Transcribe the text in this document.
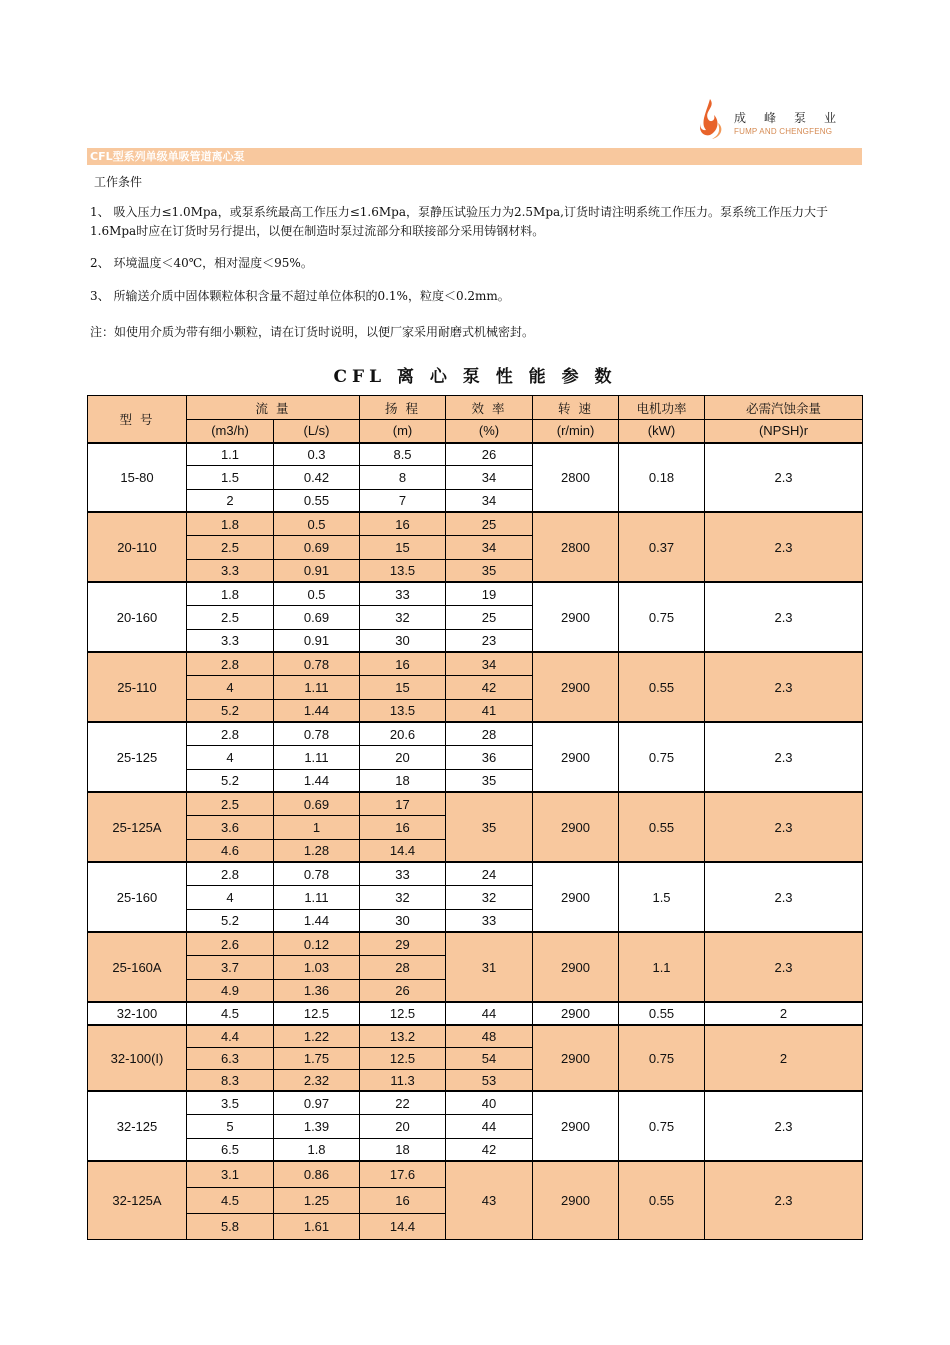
成峰泵业
FUMP AND CHENGFENG
CFL型系列单级单吸管道离心泵
工作条件
1、 吸入压力≤1.0Mpa，或泵系统最高工作压力≤1.6Mpa，泵静压试验压力为2.5Mpa,订货时请注明系统工作压力。泵系统工作压力大于1.6Mpa时应在订货时另行提出，以便在制造时泵过流部分和联接部分采用铸钢材料。
2、 环境温度＜40℃，相对湿度＜95%。
3、 所输送介质中固体颗粒体积含量不超过单位体积的0.1%，粒度＜0.2mm。
注：如使用介质为带有细小颗粒，请在订货时说明，以便厂家采用耐磨式机械密封。
CFL 离 心 泵 性 能 参 数
型 号	流 量		扬 程	效 率	转 速	电机功率	必需汽蚀余量
	(m3/h)	(L/s)	(m)	(%)	(r/min)	(kW)	(NPSH)r
15-80	1.1	0.3	8.5	26	2800	0.18	2.3
	1.5	0.42	8	34			
	2	0.55	7	34			
20-110	1.8	0.5	16	25	2800	0.37	2.3
	2.5	0.69	15	34			
	3.3	0.91	13.5	35			
20-160	1.8	0.5	33	19	2900	0.75	2.3
	2.5	0.69	32	25			
	3.3	0.91	30	23			
25-110	2.8	0.78	16	34	2900	0.55	2.3
	4	1.11	15	42			
	5.2	1.44	13.5	41			
25-125	2.8	0.78	20.6	28	2900	0.75	2.3
	4	1.11	20	36			
	5.2	1.44	18	35			
25-125A	2.5	0.69	17	35	2900	0.55	2.3
	3.6	1	16				
	4.6	1.28	14.4				
25-160	2.8	0.78	33	24	2900	1.5	2.3
	4	1.11	32	32			
	5.2	1.44	30	33			
25-160A	2.6	0.12	29	31	2900	1.1	2.3
	3.7	1.03	28				
	4.9	1.36	26				
32-100	4.5	12.5	12.5	44	2900	0.55	2
32-100(I)	4.4	1.22	13.2	48	2900	0.75	2
	6.3	1.75	12.5	54			
	8.3	2.32	11.3	53			
32-125	3.5	0.97	22	40	2900	0.75	2.3
	5	1.39	20	44			
	6.5	1.8	18	42			
32-125A	3.1	0.86	17.6	43	2900	0.55	2.3
	4.5	1.25	16				
	5.8	1.61	14.4				
